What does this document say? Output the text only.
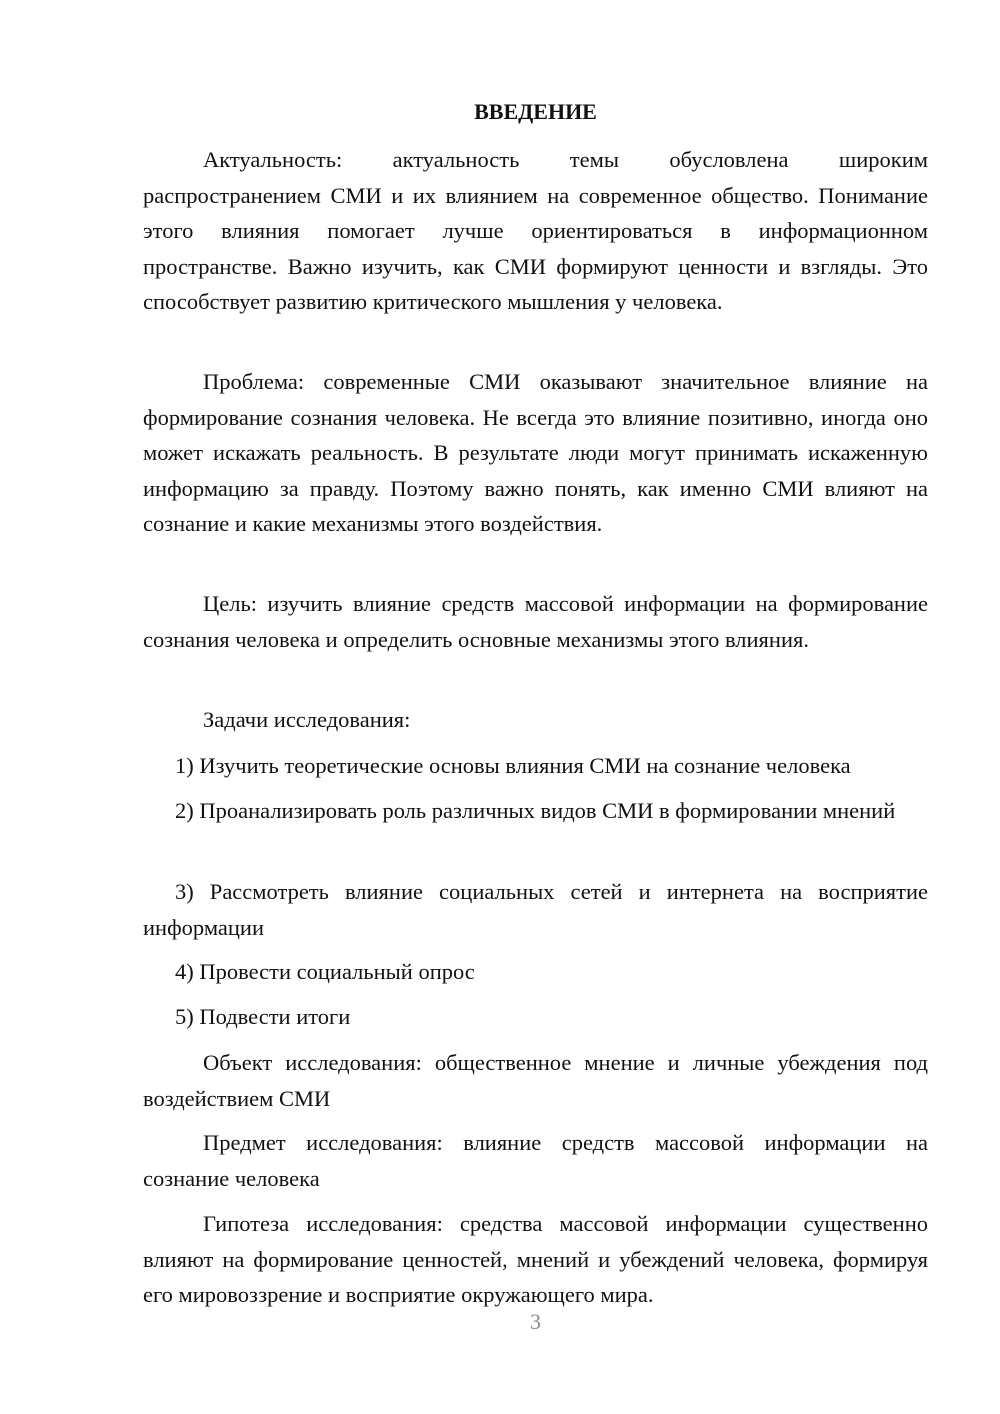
ВВЕДЕНИЕ

Актуальность: актуальность темы обусловлена широким распространением СМИ и их влиянием на современное общество. Понимание этого влияния помогает лучше ориентироваться в информационном пространстве. Важно изучить, как СМИ формируют ценности и взгляды. Это способствует развитию критического мышления у человека.

Проблема: современные СМИ оказывают значительное влияние на формирование сознания человека. Не всегда это влияние позитивно, иногда оно может искажать реальность. В результате люди могут принимать искаженную информацию за правду. Поэтому важно понять, как именно СМИ влияют на сознание и какие механизмы этого воздействия.

Цель: изучить влияние средств массовой информации на формирование сознания человека и определить основные механизмы этого влияния.

Задачи исследования:

1) Изучить теоретические основы влияния СМИ на сознание человека

2) Проанализировать роль различных видов СМИ в формировании мнений

3) Рассмотреть влияние социальных сетей и интернета на восприятие информации

4) Провести социальный опрос

5) Подвести итоги

Объект исследования: общественное мнение и личные убеждения под воздействием СМИ

Предмет исследования: влияние средств массовой информации на сознание человека

Гипотеза исследования: средства массовой информации существенно влияют на формирование ценностей, мнений и убеждений человека, формируя его мировоззрение и восприятие окружающего мира.

3
